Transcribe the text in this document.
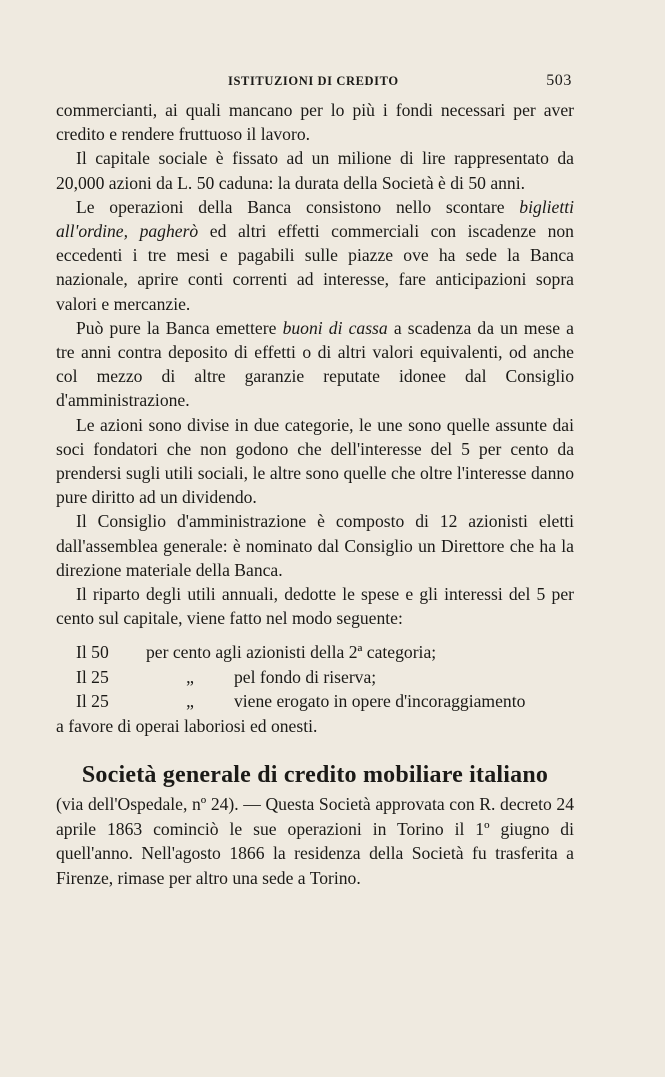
ISTITUZIONI DI CREDITO	503

commercianti, ai quali mancano per lo più i fondi necessari per aver credito e rendere fruttuoso il lavoro.

Il capitale sociale è fissato ad un milione di lire rappresentato da 20,000 azioni da L. 50 caduna: la durata della Società è di 50 anni.

Le operazioni della Banca consistono nello scontare biglietti all'ordine, pagherò ed altri effetti commerciali con iscadenze non eccedenti i tre mesi e pagabili sulle piazze ove ha sede la Banca nazionale, aprire conti correnti ad interesse, fare anticipazioni sopra valori e mercanzie.

Può pure la Banca emettere buoni di cassa a scadenza da un mese a tre anni contra deposito di effetti o di altri valori equivalenti, od anche col mezzo di altre garanzie reputate idonee dal Consiglio d'amministrazione.

Le azioni sono divise in due categorie, le une sono quelle assunte dai soci fondatori che non godono che dell'interesse del 5 per cento da prendersi sugli utili sociali, le altre sono quelle che oltre l'interesse danno pure diritto ad un dividendo.

Il Consiglio d'amministrazione è composto di 12 azionisti eletti dall'assemblea generale: è nominato dal Consiglio un Direttore che ha la direzione materiale della Banca.

Il riparto degli utili annuali, dedotte le spese e gli interessi del 5 per cento sul capitale, viene fatto nel modo seguente:

Il 50	per cento agli azionisti della 2ª categoria;
Il 25	„	pel fondo di riserva;
Il 25	„	viene erogato in opere d'incoraggiamento
a favore di operai laboriosi ed onesti.
Società generale di credito mobiliare italiano

(via dell'Ospedale, nº 24). — Questa Società approvata con R. decreto 24 aprile 1863 cominciò le sue operazioni in Torino il 1º giugno di quell'anno. Nell'agosto 1866 la residenza della Società fu trasferita a Firenze, rimase per altro una sede a Torino.
